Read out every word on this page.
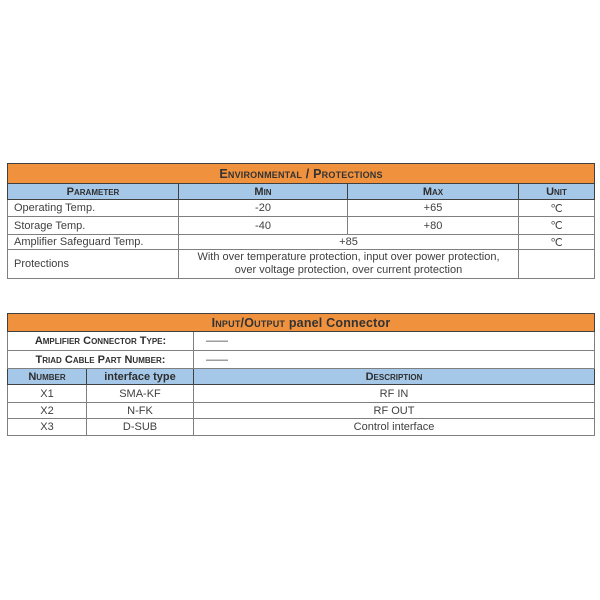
Environmental / Protections			
Parameter	Min	Max	Unit
Operating Temp.	-20	+65	℃
Storage Temp.	-40	+80	℃
Amplifier Safeguard Temp.	+85		℃
Protections	With over temperature protection, input over power protection, over voltage protection, over current protection		
Input/Output panel Connector		
Amplifier Connector Type:		——
Triad Cable Part Number:		——
Number	interface type	Description
X1	SMA-KF	RF IN
X2	N-FK	RF OUT
X3	D-SUB	Control interface
